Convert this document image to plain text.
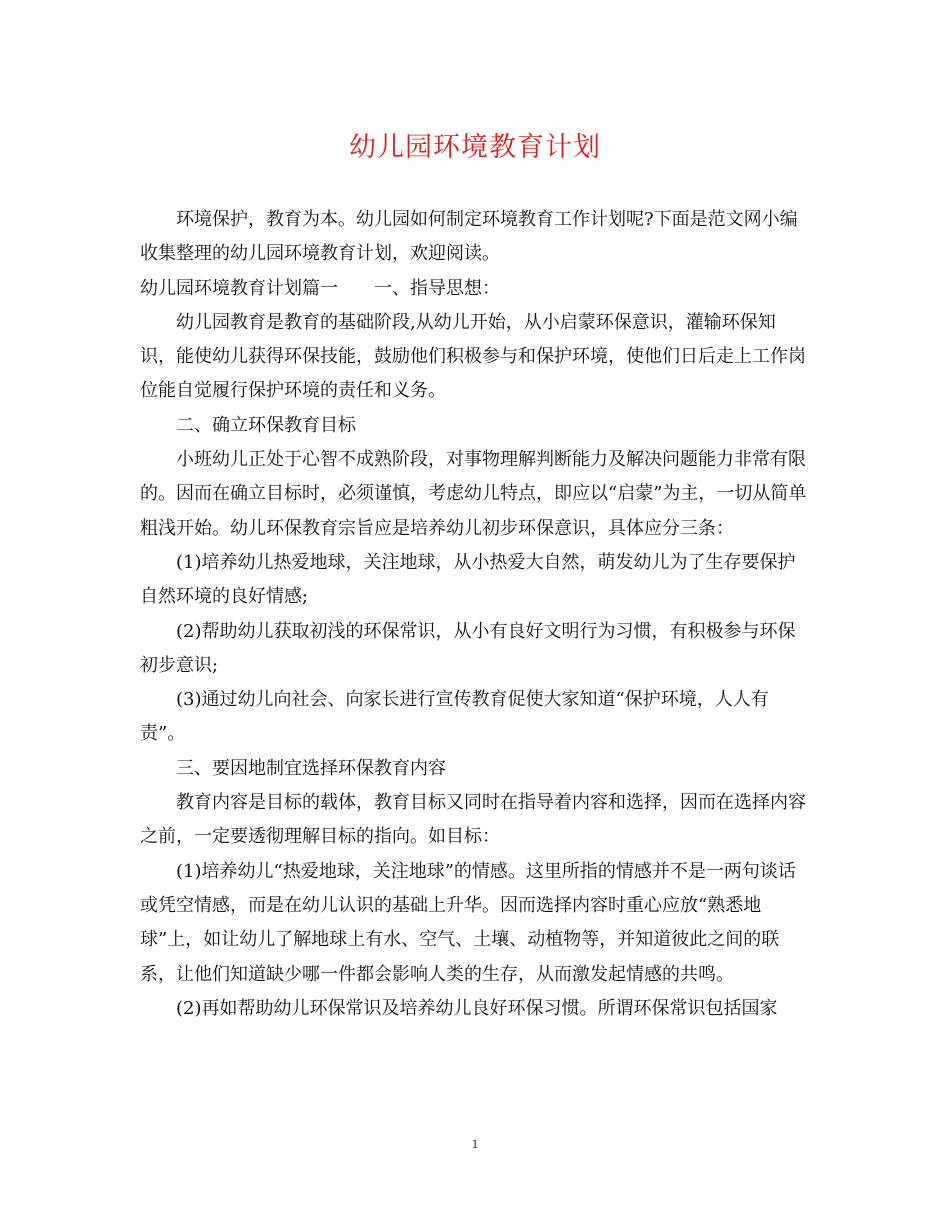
幼儿园环境教育计划

环境保护，教育为本。幼儿园如何制定环境教育工作计划呢?下面是范文网小编收集整理的幼儿园环境教育计划，欢迎阅读。

幼儿园环境教育计划篇一　　一、指导思想：

幼儿园教育是教育的基础阶段,从幼儿开始，从小启蒙环保意识，灌输环保知识，能使幼儿获得环保技能，鼓励他们积极参与和保护环境，使他们日后走上工作岗位能自觉履行保护环境的责任和义务。

二、确立环保教育目标

小班幼儿正处于心智不成熟阶段，对事物理解判断能力及解决问题能力非常有限的。因而在确立目标时，必须谨慎，考虑幼儿特点，即应以“启蒙”为主，一切从简单粗浅开始。幼儿环保教育宗旨应是培养幼儿初步环保意识，具体应分三条：

(1)培养幼儿热爱地球，关注地球，从小热爱大自然，萌发幼儿为了生存要保护自然环境的良好情感;

(2)帮助幼儿获取初浅的环保常识，从小有良好文明行为习惯，有积极参与环保初步意识;

(3)通过幼儿向社会、向家长进行宣传教育促使大家知道“保护环境，人人有责”。

三、要因地制宜选择环保教育内容

教育内容是目标的载体，教育目标又同时在指导着内容和选择，因而在选择内容之前，一定要透彻理解目标的指向。如目标：

(1)培养幼儿“热爱地球，关注地球”的情感。这里所指的情感并不是一两句谈话或凭空情感，而是在幼儿认识的基础上升华。因而选择内容时重心应放“熟悉地球”上，如让幼儿了解地球上有水、空气、土壤、动植物等，并知道彼此之间的联系，让他们知道缺少哪一件都会影响人类的生存，从而激发起情感的共鸣。

(2)再如帮助幼儿环保常识及培养幼儿良好环保习惯。所谓环保常识包括国家

1
